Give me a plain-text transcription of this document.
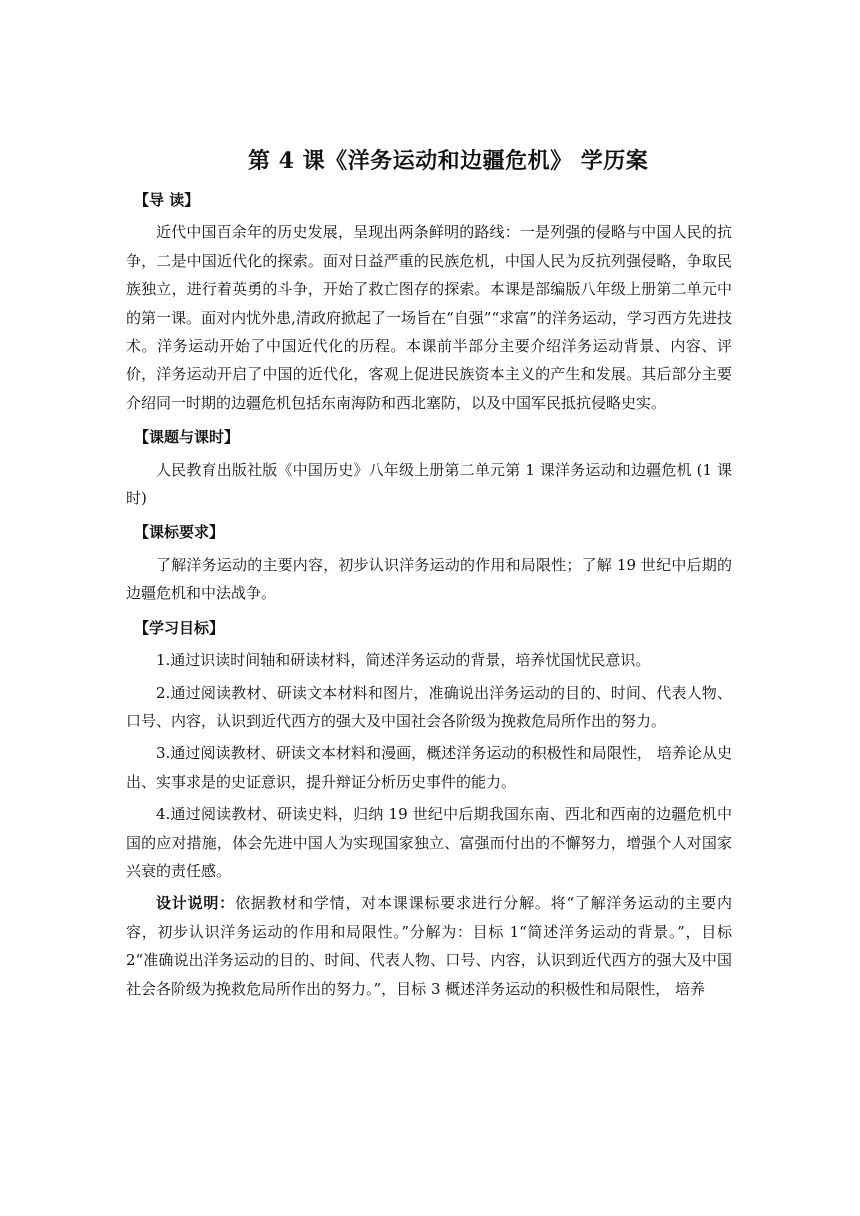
第 4 课《洋务运动和边疆危机》 学历案
【导 读】
近代中国百余年的历史发展，呈现出两条鲜明的路线：一是列强的侵略与中国人民的抗争，二是中国近代化的探索。面对日益严重的民族危机，中国人民为反抗列强侵略，争取民族独立，进行着英勇的斗争，开始了救亡图存的探索。本课是部编版八年级上册第二单元中的第一课。面对内忧外患,清政府掀起了一场旨在“自强”“求富”的洋务运动，学习西方先进技术。洋务运动开始了中国近代化的历程。本课前半部分主要介绍洋务运动背景、内容、评价，洋务运动开启了中国的近代化，客观上促进民族资本主义的产生和发展。其后部分主要介绍同一时期的边疆危机包括东南海防和西北塞防，以及中国军民抵抗侵略史实。
【课题与课时】
人民教育出版社版《中国历史》八年级上册第二单元第 1 课洋务运动和边疆危机 (1 课时)
【课标要求】
了解洋务运动的主要内容，初步认识洋务运动的作用和局限性；了解 19 世纪中后期的边疆危机和中法战争。
【学习目标】
1.通过识读时间轴和研读材料，简述洋务运动的背景，培养忧国忧民意识。
2.通过阅读教材、研读文本材料和图片，准确说出洋务运动的目的、时间、代表人物、口号、内容，认识到近代西方的强大及中国社会各阶级为挽救危局所作出的努力。
3.通过阅读教材、研读文本材料和漫画，概述洋务运动的积极性和局限性， 培养论从史出、实事求是的史证意识，提升辩证分析历史事件的能力。
4.通过阅读教材、研读史料，归纳 19 世纪中后期我国东南、西北和西南的边疆危机中国的应对措施，体会先进中国人为实现国家独立、富强而付出的不懈努力，增强个人对国家兴衰的责任感。
设计说明：依据教材和学情，对本课课标要求进行分解。将“了解洋务运动的主要内容，初步认识洋务运动的作用和局限性。”分解为：目标 1“简述洋务运动的背景。”，目标 2“准确说出洋务运动的目的、时间、代表人物、口号、内容，认识到近代西方的强大及中国社会各阶级为挽救危局所作出的努力。”，目标 3 概述洋务运动的积极性和局限性， 培养
